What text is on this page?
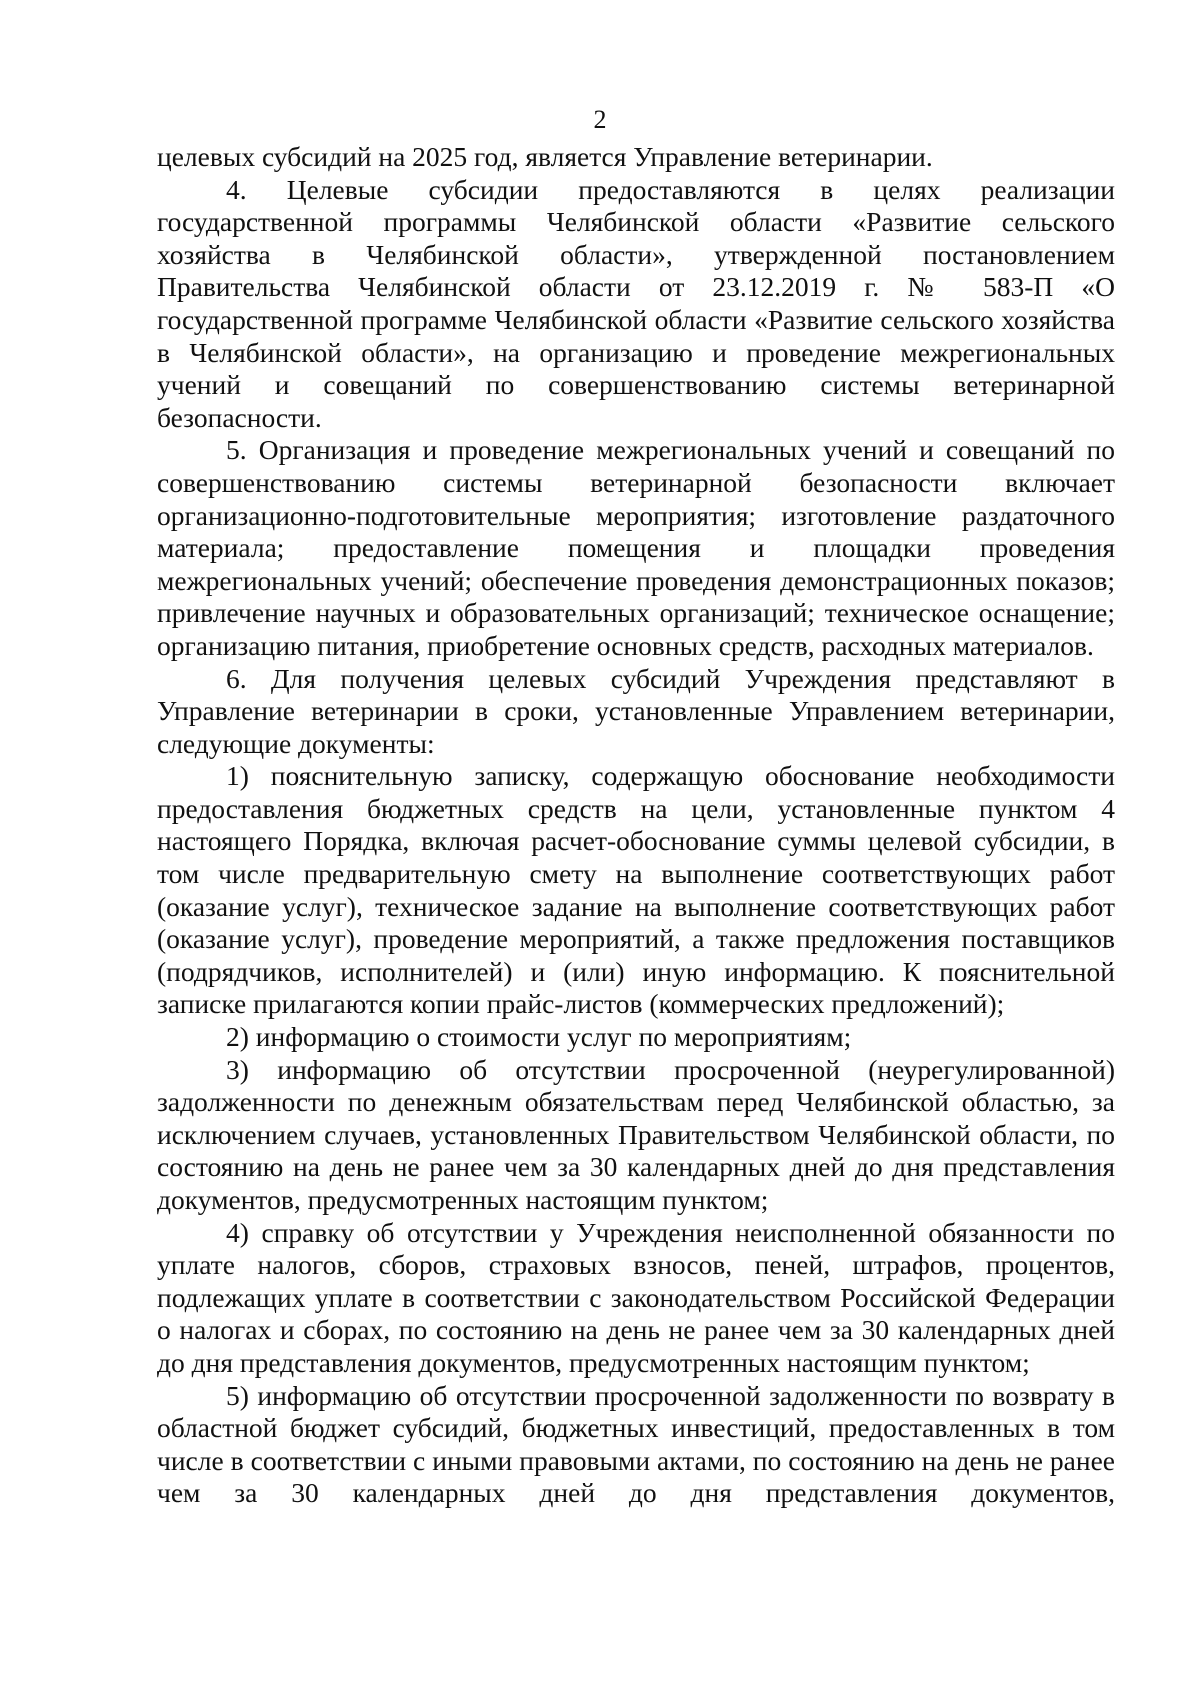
2

целевых субсидий на 2025 год, является Управление ветеринарии.

4. Целевые субсидии предоставляются в целях реализации государственной программы Челябинской области «Развитие сельского хозяйства в Челябинской области», утвержденной постановлением Правительства Челябинской области от 23.12.2019 г. № 583-П «О государственной программе Челябинской области «Развитие сельского хозяйства в Челябинской области», на организацию и проведение межрегиональных учений и совещаний по совершенствованию системы ветеринарной безопасности.

5. Организация и проведение межрегиональных учений и совещаний по совершенствованию системы ветеринарной безопасности включает организационно-подготовительные мероприятия; изготовление раздаточного материала; предоставление помещения и площадки проведения межрегиональных учений; обеспечение проведения демонстрационных показов; привлечение научных и образовательных организаций; техническое оснащение; организацию питания, приобретение основных средств, расходных материалов.

6. Для получения целевых субсидий Учреждения представляют в Управление ветеринарии в сроки, установленные Управлением ветеринарии, следующие документы:

1) пояснительную записку, содержащую обоснование необходимости предоставления бюджетных средств на цели, установленные пунктом 4 настоящего Порядка, включая расчет-обоснование суммы целевой субсидии, в том числе предварительную смету на выполнение соответствующих работ (оказание услуг), техническое задание на выполнение соответствующих работ (оказание услуг), проведение мероприятий, а также предложения поставщиков (подрядчиков, исполнителей) и (или) иную информацию. К пояснительной записке прилагаются копии прайс-листов (коммерческих предложений);

2) информацию о стоимости услуг по мероприятиям;

3) информацию об отсутствии просроченной (неурегулированной) задолженности по денежным обязательствам перед Челябинской областью, за исключением случаев, установленных Правительством Челябинской области, по состоянию на день не ранее чем за 30 календарных дней до дня представления документов, предусмотренных настоящим пунктом;

4) справку об отсутствии у Учреждения неисполненной обязанности по уплате налогов, сборов, страховых взносов, пеней, штрафов, процентов, подлежащих уплате в соответствии с законодательством Российской Федерации о налогах и сборах, по состоянию на день не ранее чем за 30 календарных дней до дня представления документов, предусмотренных настоящим пунктом;

5) информацию об отсутствии просроченной задолженности по возврату в областной бюджет субсидий, бюджетных инвестиций, предоставленных в том числе в соответствии с иными правовыми актами, по состоянию на день не ранее чем за 30 календарных дней до дня представления документов,
